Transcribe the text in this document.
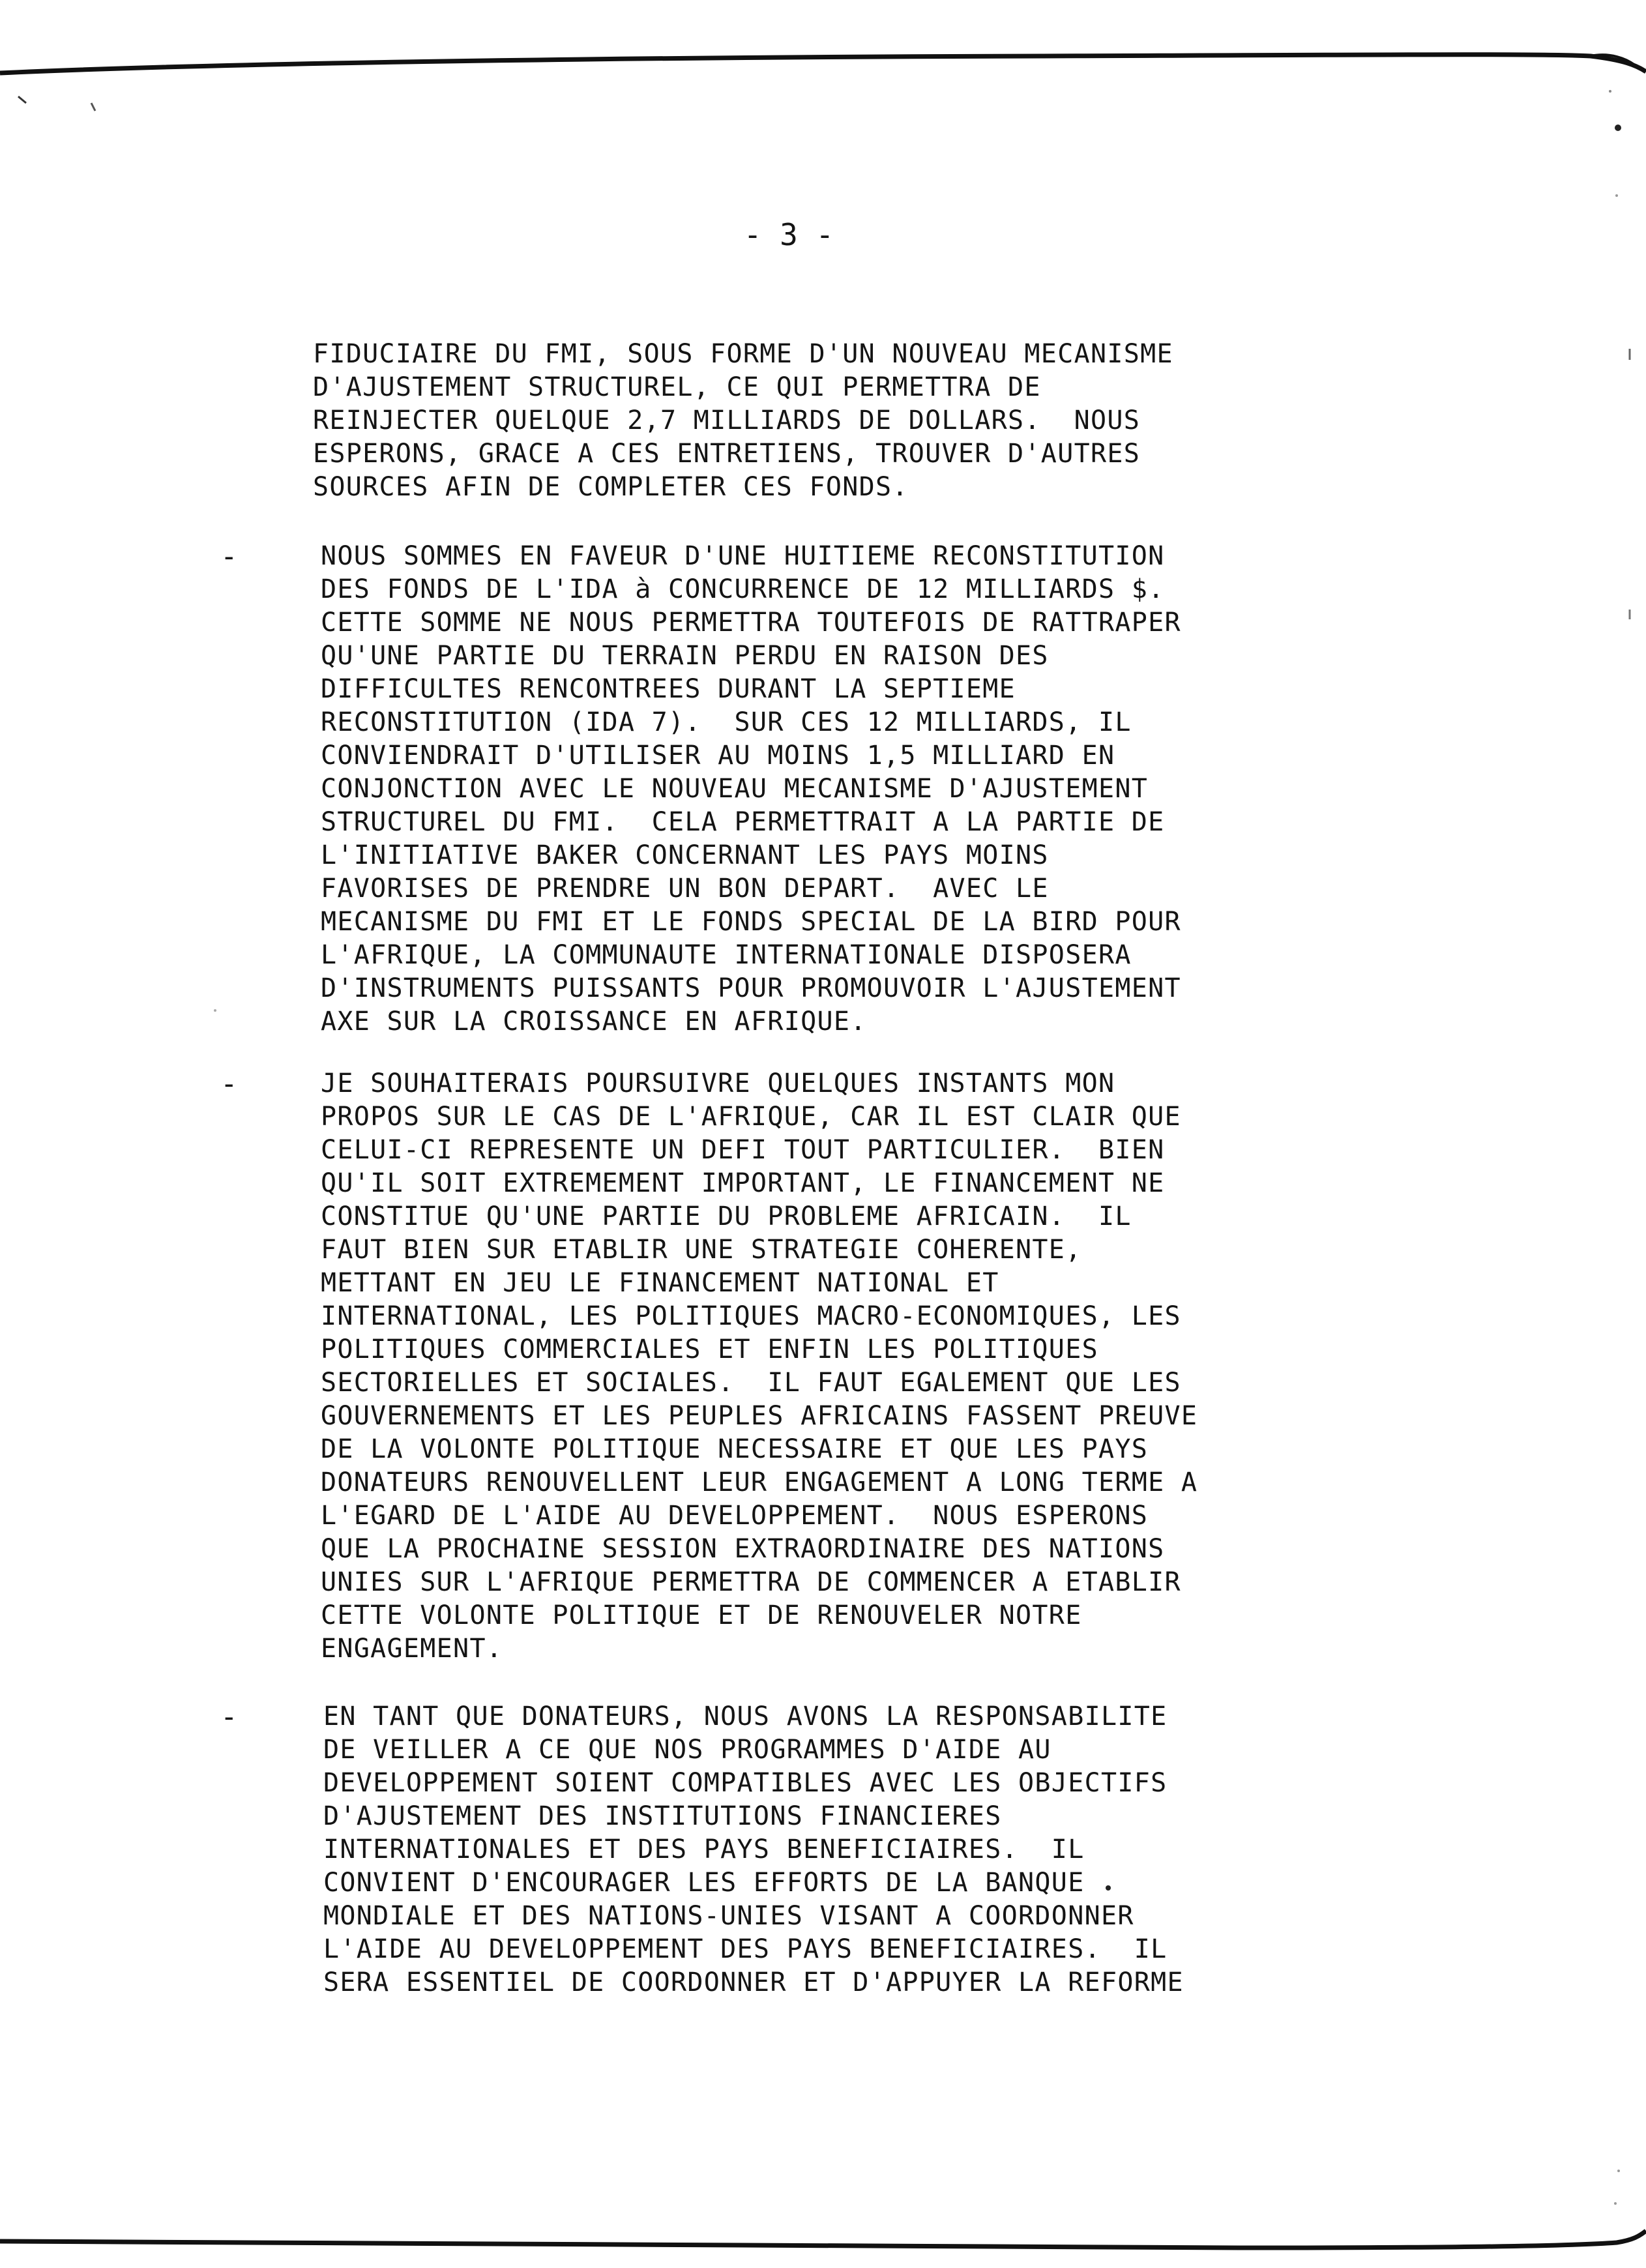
- 3 -
-
-
-
FIDUCIAIRE DU FMI, SOUS FORME D'UN NOUVEAU MECANISME
D'AJUSTEMENT STRUCTUREL, CE QUI PERMETTRA DE
REINJECTER QUELQUE 2,7 MILLIARDS DE DOLLARS.  NOUS
ESPERONS, GRACE A CES ENTRETIENS, TROUVER D'AUTRES
SOURCES AFIN DE COMPLETER CES FONDS.
NOUS SOMMES EN FAVEUR D'UNE HUITIEME RECONSTITUTION
DES FONDS DE L'IDA à CONCURRENCE DE 12 MILLIARDS $.
CETTE SOMME NE NOUS PERMETTRA TOUTEFOIS DE RATTRAPER
QU'UNE PARTIE DU TERRAIN PERDU EN RAISON DES
DIFFICULTES RENCONTREES DURANT LA SEPTIEME
RECONSTITUTION (IDA 7).  SUR CES 12 MILLIARDS, IL
CONVIENDRAIT D'UTILISER AU MOINS 1,5 MILLIARD EN
CONJONCTION AVEC LE NOUVEAU MECANISME D'AJUSTEMENT
STRUCTUREL DU FMI.  CELA PERMETTRAIT A LA PARTIE DE
L'INITIATIVE BAKER CONCERNANT LES PAYS MOINS
FAVORISES DE PRENDRE UN BON DEPART.  AVEC LE
MECANISME DU FMI ET LE FONDS SPECIAL DE LA BIRD POUR
L'AFRIQUE, LA COMMUNAUTE INTERNATIONALE DISPOSERA
D'INSTRUMENTS PUISSANTS POUR PROMOUVOIR L'AJUSTEMENT
AXE SUR LA CROISSANCE EN AFRIQUE.
JE SOUHAITERAIS POURSUIVRE QUELQUES INSTANTS MON
PROPOS SUR LE CAS DE L'AFRIQUE, CAR IL EST CLAIR QUE
CELUI-CI REPRESENTE UN DEFI TOUT PARTICULIER.  BIEN
QU'IL SOIT EXTREMEMENT IMPORTANT, LE FINANCEMENT NE
CONSTITUE QU'UNE PARTIE DU PROBLEME AFRICAIN.  IL
FAUT BIEN SUR ETABLIR UNE STRATEGIE COHERENTE,
METTANT EN JEU LE FINANCEMENT NATIONAL ET
INTERNATIONAL, LES POLITIQUES MACRO-ECONOMIQUES, LES
POLITIQUES COMMERCIALES ET ENFIN LES POLITIQUES
SECTORIELLES ET SOCIALES.  IL FAUT EGALEMENT QUE LES
GOUVERNEMENTS ET LES PEUPLES AFRICAINS FASSENT PREUVE
DE LA VOLONTE POLITIQUE NECESSAIRE ET QUE LES PAYS
DONATEURS RENOUVELLENT LEUR ENGAGEMENT A LONG TERME A
L'EGARD DE L'AIDE AU DEVELOPPEMENT.  NOUS ESPERONS
QUE LA PROCHAINE SESSION EXTRAORDINAIRE DES NATIONS
UNIES SUR L'AFRIQUE PERMETTRA DE COMMENCER A ETABLIR
CETTE VOLONTE POLITIQUE ET DE RENOUVELER NOTRE
ENGAGEMENT.
EN TANT QUE DONATEURS, NOUS AVONS LA RESPONSABILITE
DE VEILLER A CE QUE NOS PROGRAMMES D'AIDE AU
DEVELOPPEMENT SOIENT COMPATIBLES AVEC LES OBJECTIFS
D'AJUSTEMENT DES INSTITUTIONS FINANCIERES
INTERNATIONALES ET DES PAYS BENEFICIAIRES.  IL
CONVIENT D'ENCOURAGER LES EFFORTS DE LA BANQUE
MONDIALE ET DES NATIONS-UNIES VISANT A COORDONNER
L'AIDE AU DEVELOPPEMENT DES PAYS BENEFICIAIRES.  IL
SERA ESSENTIEL DE COORDONNER ET D'APPUYER LA REFORME
